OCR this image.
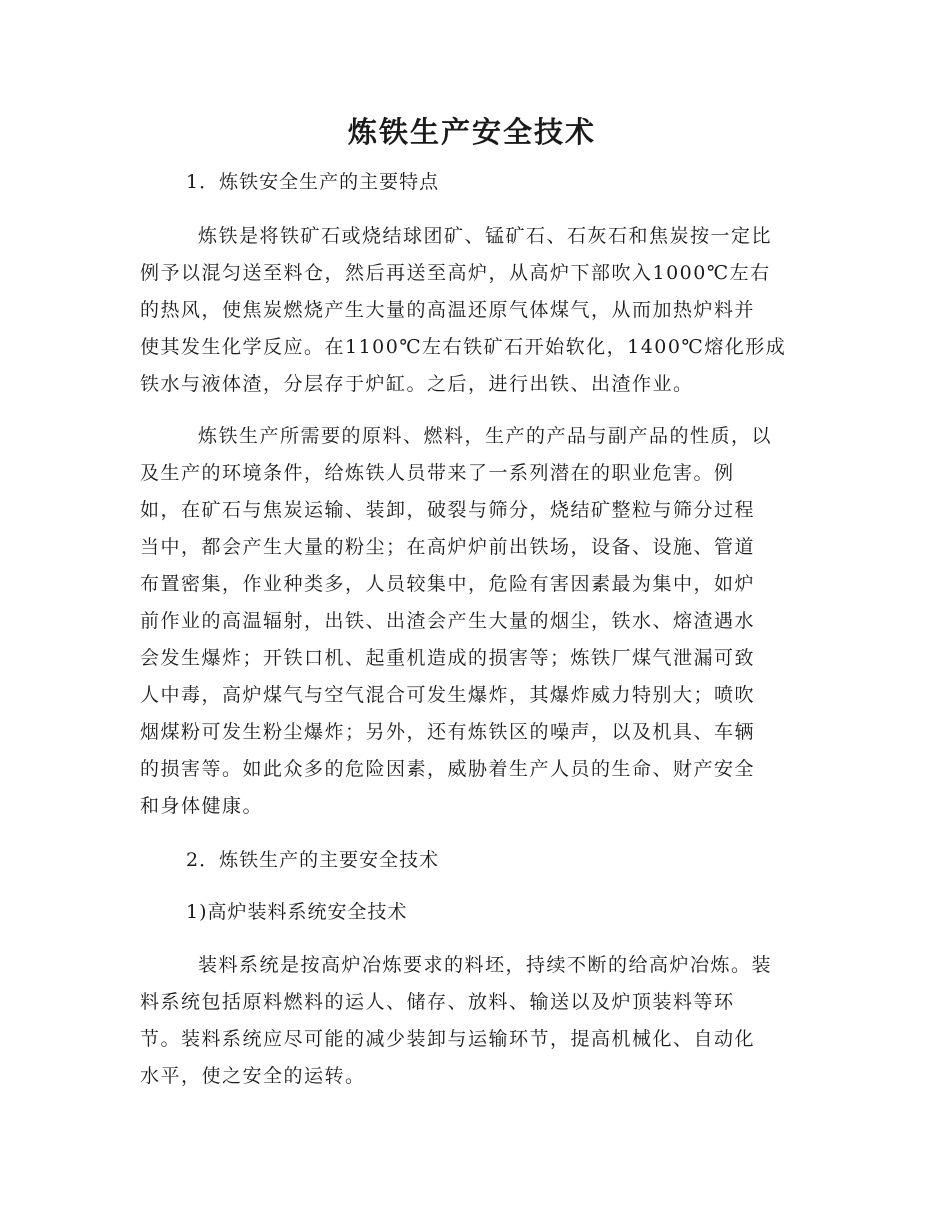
炼铁生产安全技术

1．炼铁安全生产的主要特点

炼铁是将铁矿石或烧结球团矿、锰矿石、石灰石和焦炭按一定比
例予以混匀送至料仓，然后再送至高炉，从高炉下部吹入1000℃左右
的热风，使焦炭燃烧产生大量的高温还原气体煤气，从而加热炉料并
使其发生化学反应。在1100℃左右铁矿石开始软化，1400℃熔化形成
铁水与液体渣，分层存于炉缸。之后，进行出铁、出渣作业。

炼铁生产所需要的原料、燃料，生产的产品与副产品的性质，以
及生产的环境条件，给炼铁人员带来了一系列潜在的职业危害。例
如，在矿石与焦炭运输、装卸，破裂与筛分，烧结矿整粒与筛分过程
当中，都会产生大量的粉尘；在高炉炉前出铁场，设备、设施、管道
布置密集，作业种类多，人员较集中，危险有害因素最为集中，如炉
前作业的高温辐射，出铁、出渣会产生大量的烟尘，铁水、熔渣遇水
会发生爆炸；开铁口机、起重机造成的损害等；炼铁厂煤气泄漏可致
人中毒，高炉煤气与空气混合可发生爆炸，其爆炸威力特别大；喷吹
烟煤粉可发生粉尘爆炸；另外，还有炼铁区的噪声，以及机具、车辆
的损害等。如此众多的危险因素，威胁着生产人员的生命、财产安全
和身体健康。

2．炼铁生产的主要安全技术

1)高炉装料系统安全技术

装料系统是按高炉冶炼要求的料坯，持续不断的给高炉冶炼。装
料系统包括原料燃料的运人、储存、放料、输送以及炉顶装料等环
节。装料系统应尽可能的减少装卸与运输环节，提高机械化、自动化
水平，使之安全的运转。
